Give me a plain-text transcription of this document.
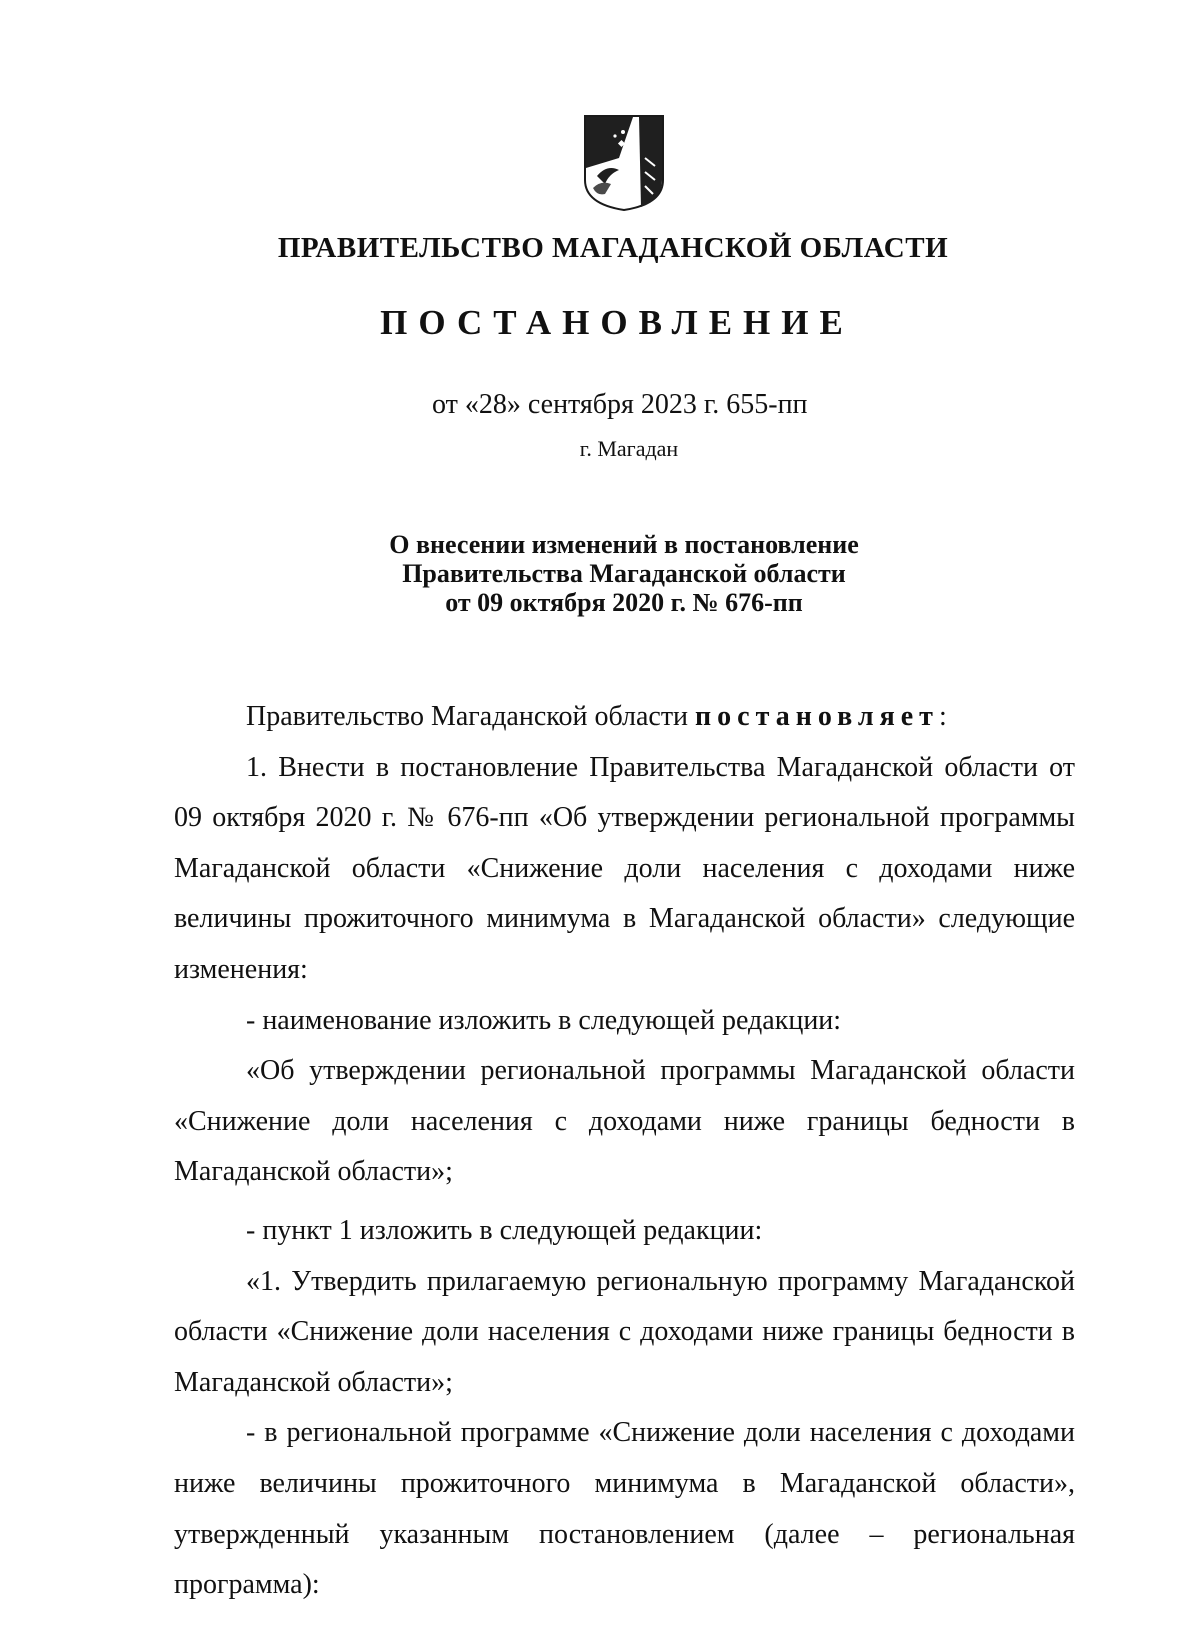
ПРАВИТЕЛЬСТВО МАГАДАНСКОЙ ОБЛАСТИ
ПОСТАНОВЛЕНИЕ
от «28» сентября 2023 г. 655-пп
г. Магадан
О внесении изменений в постановление
Правительства Магаданской области
от 09 октября 2020 г. № 676-пп

Правительство Магаданской области постановляет:

1. Внести в постановление Правительства Магаданской области от 09 октября 2020 г. № 676-пп «Об утверждении региональной программы Магаданской области «Снижение доли населения с доходами ниже величины прожиточного минимума в Магаданской области» следующие изменения:

- наименование изложить в следующей редакции:

«Об утверждении региональной программы Магаданской области «Снижение доли населения с доходами ниже границы бедности в Магаданской области»;

- пункт 1 изложить в следующей редакции:

«1. Утвердить прилагаемую региональную программу Магаданской области «Снижение доли населения с доходами ниже границы бедности в Магаданской области»;

- в региональной программе «Снижение доли населения с доходами ниже величины прожиточного минимума в Магаданской области», утвержденный указанным постановлением (далее – региональная программа):
